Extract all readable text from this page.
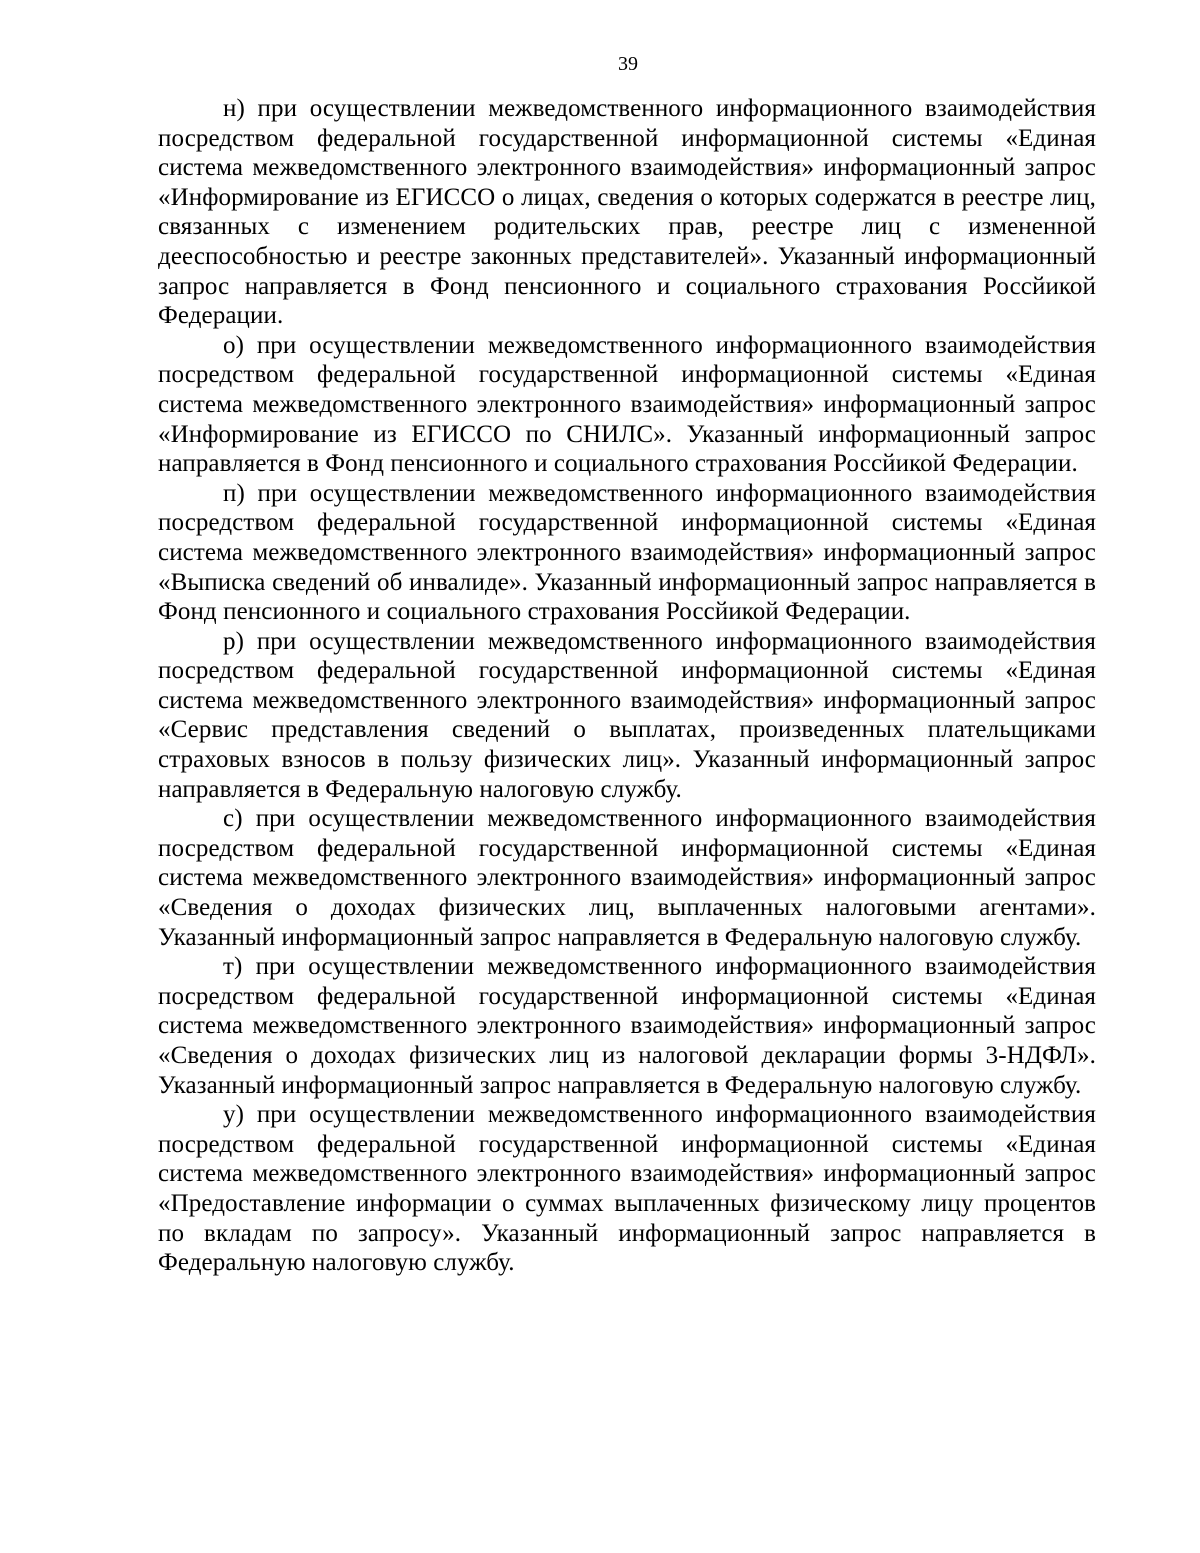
39

н) при осуществлении межведомственного информационного взаимодействия посредством федеральной государственной информационной системы «Единая система межведомственного электронного взаимодействия» информационный запрос «Информирование из ЕГИССО о лицах, сведения о которых содержатся в реестре лиц, связанных с изменением родительских прав, реестре лиц с измененной дееспособностью и реестре законных представителей». Указанный информационный запрос направляется в Фонд пенсионного и социального страхования Россйикой Федерации.

о) при осуществлении межведомственного информационного взаимодействия посредством федеральной государственной информационной системы «Единая система межведомственного электронного взаимодействия» информационный запрос «Информирование из ЕГИССО по СНИЛС». Указанный информационный запрос направляется в Фонд пенсионного и социального страхования Россйикой Федерации.

п) при осуществлении межведомственного информационного взаимодействия посредством федеральной государственной информационной системы «Единая система межведомственного электронного взаимодействия» информационный запрос «Выписка сведений об инвалиде». Указанный информационный запрос направляется в Фонд пенсионного и социального страхования Россйикой Федерации.

р) при осуществлении межведомственного информационного взаимодействия посредством федеральной государственной информационной системы «Единая система межведомственного электронного взаимодействия» информационный запрос «Сервис представления сведений о выплатах, произведенных плательщиками страховых взносов в пользу физических лиц». Указанный информационный запрос направляется в Федеральную налоговую службу.

с) при осуществлении межведомственного информационного взаимодействия посредством федеральной государственной информационной системы «Единая система межведомственного электронного взаимодействия» информационный запрос «Сведения о доходах физических лиц, выплаченных налоговыми агентами». Указанный информационный запрос направляется в Федеральную налоговую службу.

т) при осуществлении межведомственного информационного взаимодействия посредством федеральной государственной информационной системы «Единая система межведомственного электронного взаимодействия» информационный запрос «Сведения о доходах физических лиц из налоговой декларации формы 3-НДФЛ». Указанный информационный запрос направляется в Федеральную налоговую службу.

у) при осуществлении межведомственного информационного взаимодействия посредством федеральной государственной информационной системы «Единая система межведомственного электронного взаимодействия» информационный запрос «Предоставление информации о суммах выплаченных физическому лицу процентов по вкладам по запросу». Указанный информационный запрос направляется в Федеральную налоговую службу.
